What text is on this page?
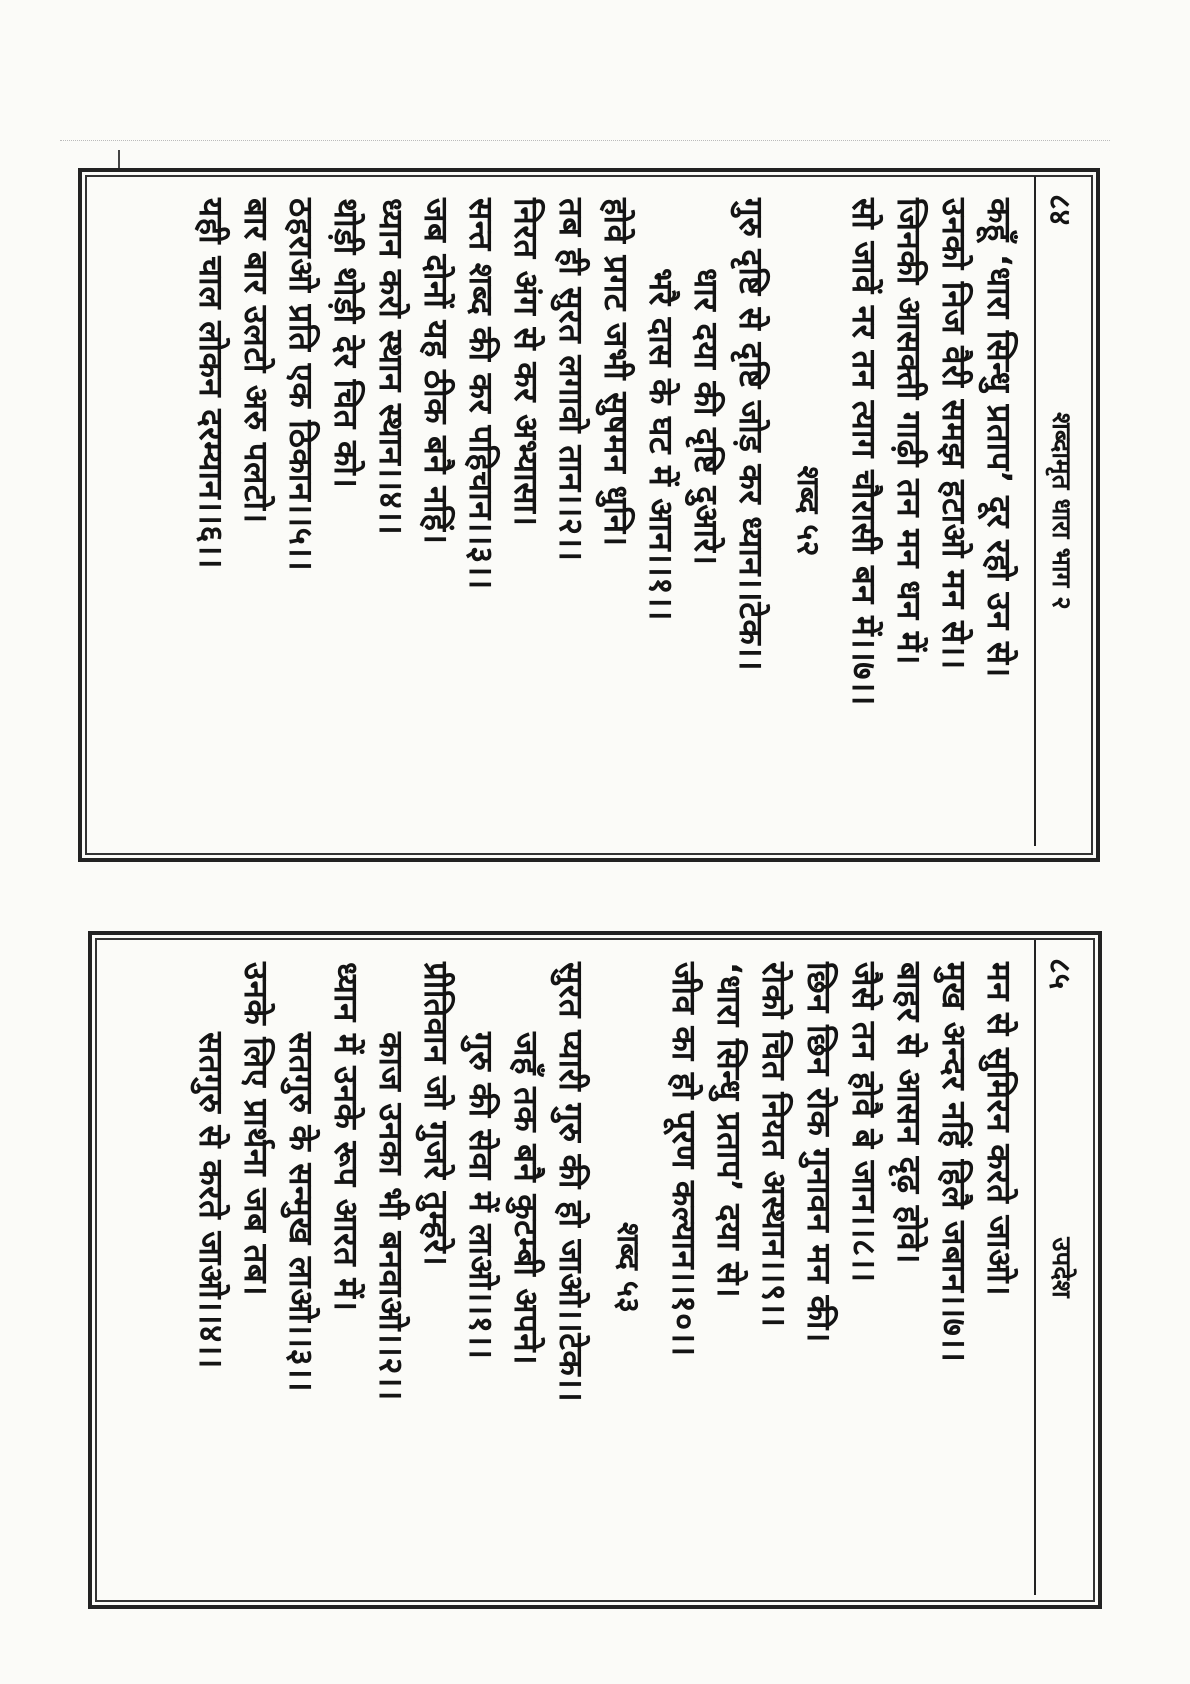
८४
शब्दामृत धारा भाग २
कहूँ ‘धारा सिन्धु प्रताप’ दूर रहो उन से।
उनको निज वैरी समझ हटाओ मन से।।
जिनकी आसक्ती गाढ़ी तन मन धन में।
सो जावें नर तन त्याग चौरासी बन में।।७।।
शब्द ५२
गुरु दृष्टि से दृष्टि जोड़ कर ध्यान।।टेक।।
धार दया की दृष्टि दुआरे।
भरै दास के घट में आन।।१।।
होवे प्रगट जभी सुषमन धुनि।
तब ही सुरत लगावो तान।।२।।
निरत अंग से कर अभ्यासा।
सन्त शब्द की कर पहिचान।।३।।
जब दोनों यह ठीक बनै नहिं।
ध्यान करो स्थान स्थान।।४।।
थोड़ी थोड़ी देर चित को।
ठहराओ प्रति एक ठिकान।।५।।
बार बार उलटो अरु पलटो।
यही चाल लोकन दरम्यान।।६।।
८५
उपदेश
मन से सुमिरन करते जाओ।
मुख अन्दर नहिं हिलै जबान।।७।।
बाहर से आसन दृढ़ होवे।
जैसे तन होवै बे जान।।८।।
छिन छिन रोक गुनावन मन की।
रोको चित नियत अस्थान।।९।।
‘धारा सिन्धु प्रताप’ दया से।
जीव का हो पूरण कल्यान।।१०।।
शब्द ५३
सुरत प्यारी गुरु की हो जाओ।।टेक।।
जहँ तक बनै कुटम्बी अपने।
गुरु की सेवा में लाओ।।१।।
प्रीतिवान जो गुजरे तुम्हरे।
काज उनका भी बनवाओ।।२।।
ध्यान में उनके रूप आरत में।
सतगुरु के सन्मुख लाओ।।३।।
उनके लिए प्रार्थना जब तब।
सतगुरु से करते जाओ।।४।।
